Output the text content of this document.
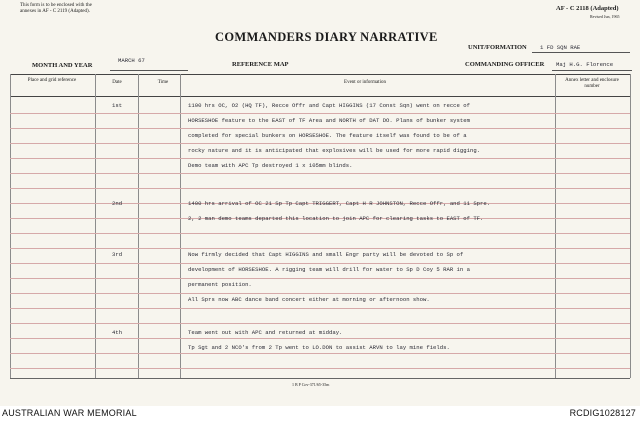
This form is to be enclosed with the
annexes in AF - C 2119 (Adapted).
COMMANDERS DIARY NARRATIVE
AF - C 2118 (Adapted)
Revised Jun, 1965
UNIT/FORMATION 1 FD SQN RAE
MONTH AND YEAR
MARCH 67
REFERENCE MAP	COMMANDING OFFICER Maj H.G. Florence
Place and grid reference	Date	Time	Event or information	Annex letter and enclosure number
1st	1100 hrs OC, O2 (HQ TF), Recce Offr and Capt HIGGINS (17 Const Sqn) went on recce of
HORSESHOE feature to the EAST of TF Area and NORTH of DAT DO. Plans of bunker system
completed for special bunkers on HORSESHOE. The feature itself was found to be of a
rocky nature and it is anticipated that explosives will be used for more rapid digging.
Demo team with APC Tp destroyed 1 x 105mm blinds.
2nd	1400 hrs arrival of OC 21 Sp Tp Capt TRIGGERT, Capt H R JOHNSTON, Recce Offr, and 11 Spre.
2, 2 man demo teams departed this location to join APC for clearing tasks to EAST of TF.
3rd	Now firmly decided that Capt HIGGINS and small Engr party will be devoted to Sp of
development of HORSESHOE. A rigging team will drill for water to Sp D Coy 5 RAR in a
permanent position.
All Sprs now ABC dance band concert either at morning or afternoon show.
4th	Team went out with APC and returned at midday.
Tp Sgt and 2 NCO's from 2 Tp went to LO.DON to assist ARVN to lay mine fields.
1 B P Cov-371/65-35m
AUSTRALIAN WAR MEMORIAL	RCDIG1028127
